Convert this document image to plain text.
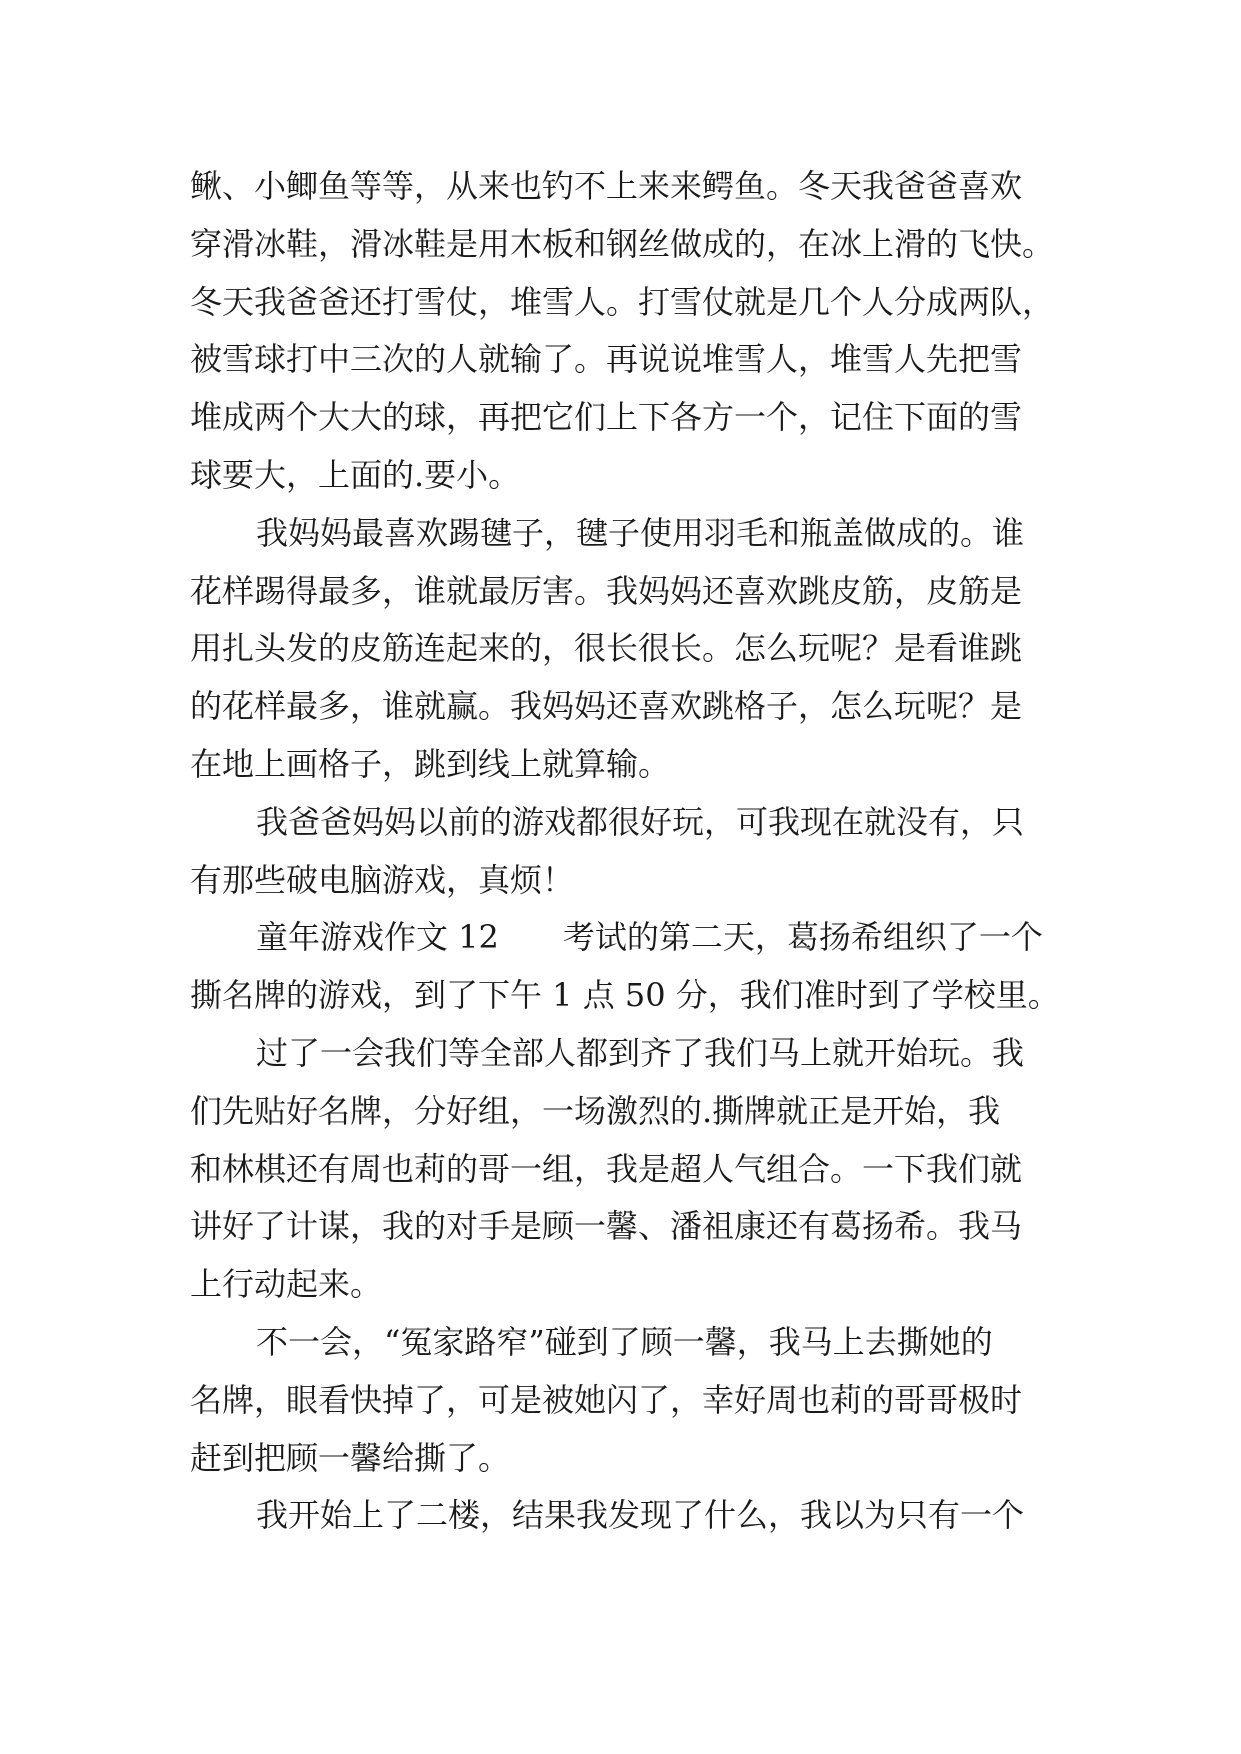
鳅、小鲫鱼等等，从来也钓不上来来鳄鱼。冬天我爸爸喜欢
穿滑冰鞋，滑冰鞋是用木板和钢丝做成的，在冰上滑的飞快。
冬天我爸爸还打雪仗，堆雪人。打雪仗就是几个人分成两队，
被雪球打中三次的人就输了。再说说堆雪人，堆雪人先把雪
堆成两个大大的球，再把它们上下各方一个，记住下面的雪
球要大，上面的.要小。
我妈妈最喜欢踢毽子，毽子使用羽毛和瓶盖做成的。谁
花样踢得最多，谁就最厉害。我妈妈还喜欢跳皮筋，皮筋是
用扎头发的皮筋连起来的，很长很长。怎么玩呢？是看谁跳
的花样最多，谁就赢。我妈妈还喜欢跳格子，怎么玩呢？是
在地上画格子，跳到线上就算输。
我爸爸妈妈以前的游戏都很好玩，可我现在就没有，只
有那些破电脑游戏，真烦！
童年游戏作文 12　　考试的第二天，葛扬希组织了一个
撕名牌的游戏，到了下午 1 点 50 分，我们准时到了学校里。
过了一会我们等全部人都到齐了我们马上就开始玩。我
们先贴好名牌，分好组，一场激烈的.撕牌就正是开始，我
和林棋还有周也莉的哥一组，我是超人气组合。一下我们就
讲好了计谋，我的对手是顾一馨、潘祖康还有葛扬希。我马
上行动起来。
不一会，“冤家路窄”碰到了顾一馨，我马上去撕她的
名牌，眼看快掉了，可是被她闪了，幸好周也莉的哥哥极时
赶到把顾一馨给撕了。
我开始上了二楼，结果我发现了什么，我以为只有一个
